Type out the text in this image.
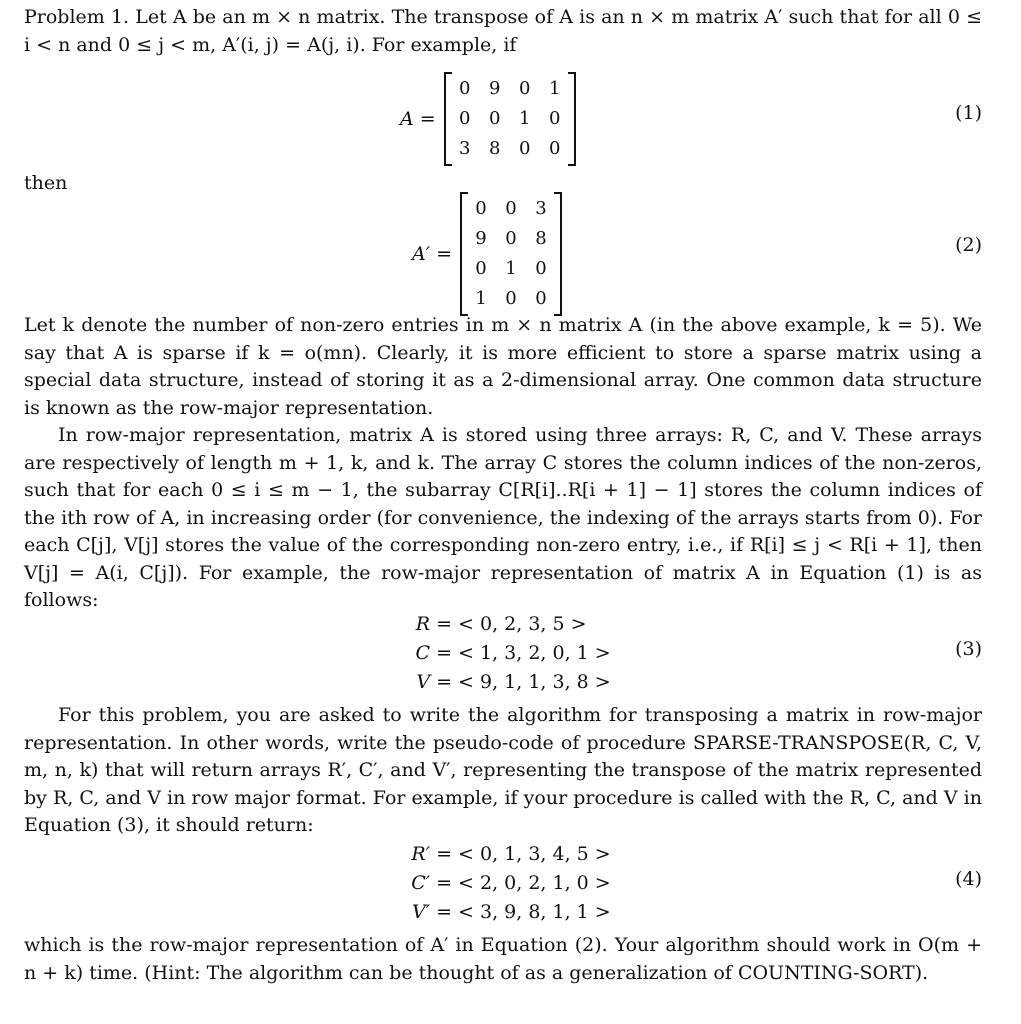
Problem 1. Let A be an m × n matrix. The transpose of A is an n × m matrix A′ such that for all 0 ≤ i < n and 0 ≤ j < m, A′(i, j) = A(j, i). For example, if

A =
0 9 0 1
0 0 1 0
3 8 0 0
(1)

then

A′ =
0 0 3
9 0 8
0 1 0
1 0 0
(2)

Let k denote the number of non-zero entries in m × n matrix A (in the above example, k = 5). We say that A is sparse if k = o(mn). Clearly, it is more efficient to store a sparse matrix using a special data structure, instead of storing it as a 2-dimensional array. One common data structure is known as the row-major representation.

In row-major representation, matrix A is stored using three arrays: R, C, and V. These arrays are respectively of length m + 1, k, and k. The array C stores the column indices of the non-zeros, such that for each 0 ≤ i ≤ m − 1, the subarray C[R[i]..R[i + 1] − 1] stores the column indices of the ith row of A, in increasing order (for convenience, the indexing of the arrays starts from 0). For each C[j], V[j] stores the value of the corresponding non-zero entry, i.e., if R[i] ≤ j < R[i + 1], then V[j] = A(i, C[j]). For example, the row-major representation of matrix A in Equation (1) is as follows:

R = < 0, 2, 3, 5 >
C = < 1, 3, 2, 0, 1 >
V = < 9, 1, 1, 3, 8 >
(3)

For this problem, you are asked to write the algorithm for transposing a matrix in row-major representation. In other words, write the pseudo-code of procedure SPARSE-TRANSPOSE(R, C, V, m, n, k) that will return arrays R′, C′, and V′, representing the transpose of the matrix represented by R, C, and V in row major format. For example, if your procedure is called with the R, C, and V in Equation (3), it should return:

R′ = < 0, 1, 3, 4, 5 >
C′ = < 2, 0, 2, 1, 0 >
V′ = < 3, 9, 8, 1, 1 >
(4)

which is the row-major representation of A′ in Equation (2). Your algorithm should work in O(m + n + k) time. (Hint: The algorithm can be thought of as a generalization of COUNTING-SORT).
